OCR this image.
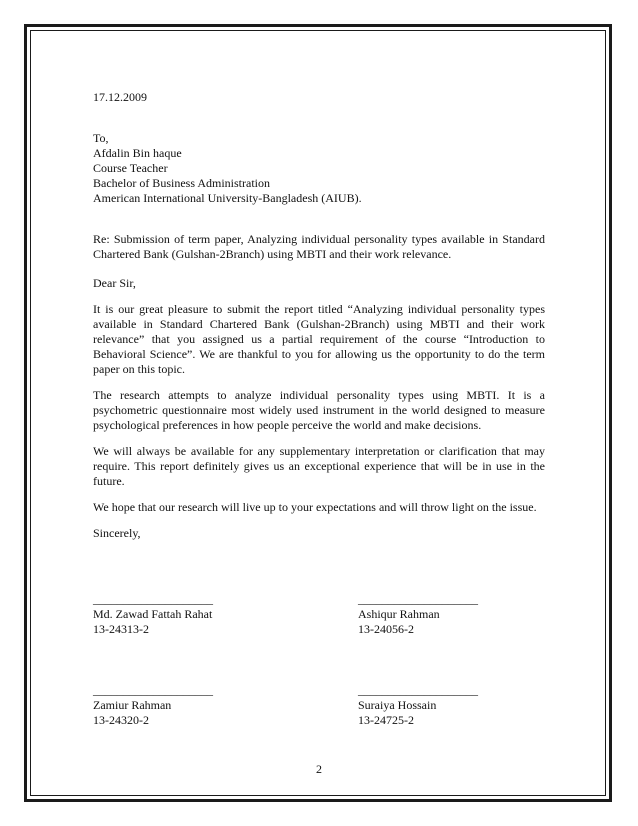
17.12.2009

To,
Afdalin Bin haque
Course Teacher
Bachelor of Business Administration
American International University-Bangladesh (AIUB).

Re: Submission of term paper, Analyzing individual personality types available in Standard Chartered Bank (Gulshan-2Branch) using MBTI and their work relevance.

Dear Sir,

It is our great pleasure to submit the report titled “Analyzing individual personality types available in Standard Chartered Bank (Gulshan-2Branch) using MBTI and their work relevance” that you assigned us a partial requirement of the course “Introduction to Behavioral Science”. We are thankful to you for allowing us the opportunity to do the term paper on this topic.

The research attempts to analyze individual personality types using MBTI. It is a psychometric questionnaire most widely used instrument in the world designed to measure psychological preferences in how people perceive the world and make decisions.

We will always be available for any supplementary interpretation or clarification that may require. This report definitely gives us an exceptional experience that will be in use in the future.

We hope that our research will live up to your expectations and will throw light on the issue.

Sincerely,

____________________
Md. Zawad Fattah Rahat
13-24313-2
____________________
Ashiqur Rahman
13-24056-2
____________________
Zamiur Rahman
13-24320-2
____________________
Suraiya Hossain
13-24725-2
2
